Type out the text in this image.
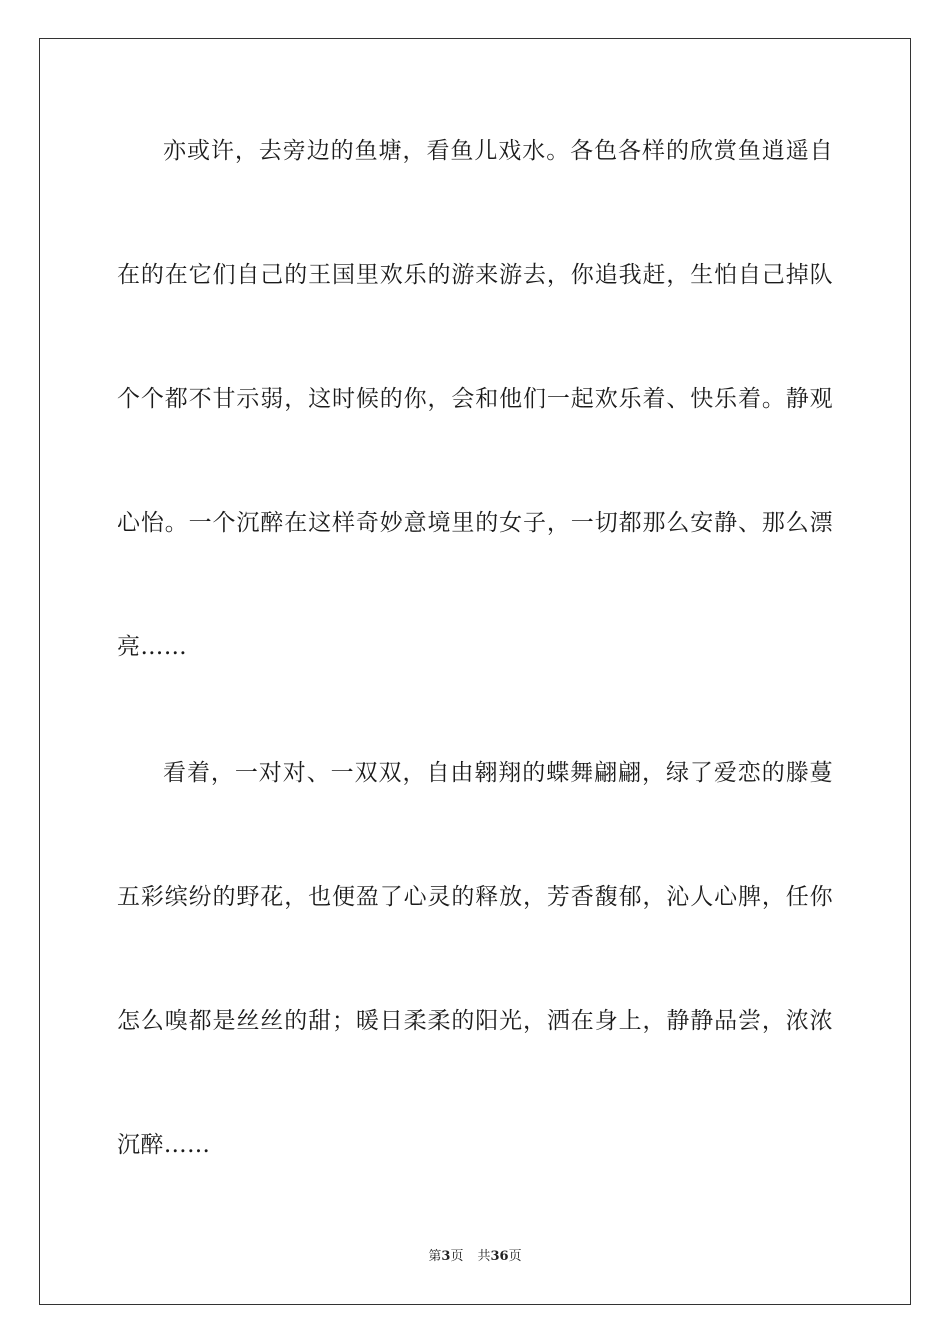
亦或许，去旁边的鱼塘，看鱼儿戏水。各色各样的欣赏鱼逍遥自
在的在它们自己的王国里欢乐的游来游去，你追我赶，生怕自己掉队
个个都不甘示弱，这时候的你，会和他们一起欢乐着、快乐着。静观
心怡。一个沉醉在这样奇妙意境里的女子，一切都那么安静、那么漂
亮……
看着，一对对、一双双，自由翱翔的蝶舞翩翩，绿了爱恋的滕蔓
五彩缤纷的野花，也便盈了心灵的释放，芳香馥郁，沁人心脾，任你
怎么嗅都是丝丝的甜；暖日柔柔的阳光，洒在身上，静静品尝，浓浓
沉醉……
第3页 共36页
